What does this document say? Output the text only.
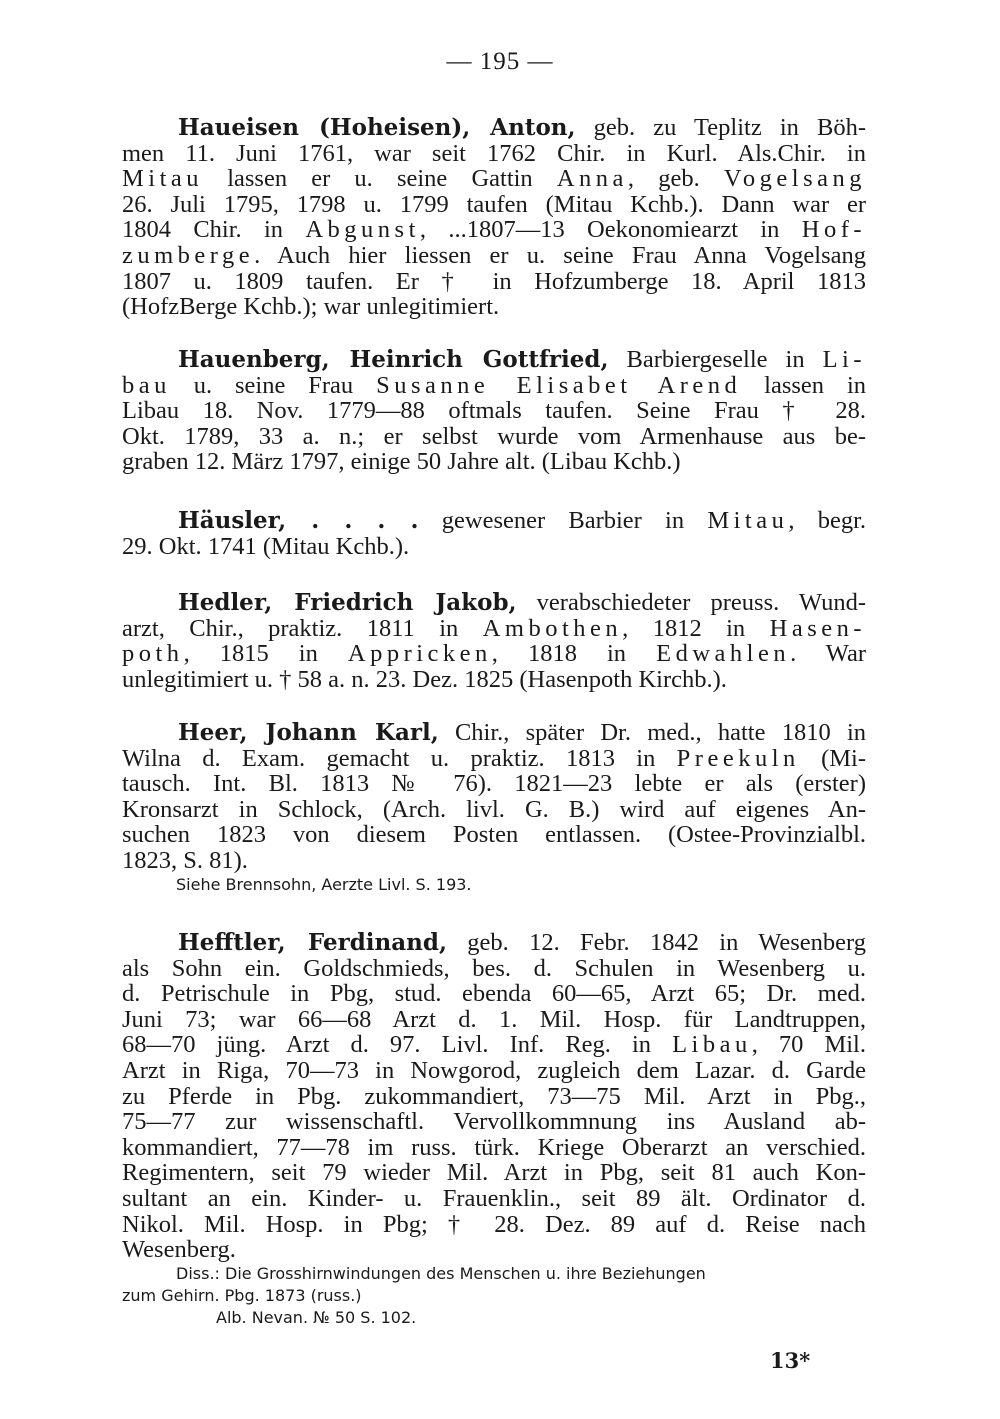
— 195 —
Haueisen (Hoheisen), Anton, geb. zu Teplitz in Böh-
men 11. Juni 1761, war seit 1762 Chir. in Kurl. Als.Chir. in
Mitau lassen er u. seine Gattin Anna, geb. Vogelsang
26. Juli 1795, 1798 u. 1799 taufen (Mitau Kchb.). Dann war er
1804 Chir. in Abgunst, ...1807—13 Oekonomiearzt in Hof-
zumberge. Auch hier liessen er u. seine Frau Anna Vogelsang
1807 u. 1809 taufen. Er † in Hofzumberge 18. April 1813
(HofzBerge Kchb.); war unlegitimiert.
Hauenberg, Heinrich Gottfried, Barbiergeselle in Li-
bau u. seine Frau Susanne Elisabet Arend lassen in
Libau 18. Nov. 1779—88 oftmals taufen. Seine Frau † 28.
Okt. 1789, 33 a. n.; er selbst wurde vom Armenhause aus be-
graben 12. März 1797, einige 50 Jahre alt. (Libau Kchb.)
Häusler, . . . . gewesener Barbier in Mitau, begr.
29. Okt. 1741 (Mitau Kchb.).
Hedler, Friedrich Jakob, verabschiedeter preuss. Wund-
arzt, Chir., praktiz. 1811 in Ambothen, 1812 in Hasen-
poth, 1815 in Appricken, 1818 in Edwahlen. War
unlegitimiert u. † 58 a. n. 23. Dez. 1825 (Hasenpoth Kirchb.).
Heer, Johann Karl, Chir., später Dr. med., hatte 1810 in
Wilna d. Exam. gemacht u. praktiz. 1813 in Preekuln (Mi-
tausch. Int. Bl. 1813 № 76). 1821—23 lebte er als (erster)
Kronsarzt in Schlock, (Arch. livl. G. B.) wird auf eigenes An-
suchen 1823 von diesem Posten entlassen. (Ostee-Provinzialbl.
1823, S. 81).
Siehe Brennsohn, Aerzte Livl. S. 193.
Hefftler, Ferdinand, geb. 12. Febr. 1842 in Wesenberg
als Sohn ein. Goldschmieds, bes. d. Schulen in Wesenberg u.
d. Petrischule in Pbg, stud. ebenda 60—65, Arzt 65; Dr. med.
Juni 73; war 66—68 Arzt d. 1. Mil. Hosp. für Landtruppen,
68—70 jüng. Arzt d. 97. Livl. Inf. Reg. in Libau, 70 Mil.
Arzt in Riga, 70—73 in Nowgorod, zugleich dem Lazar. d. Garde
zu Pferde in Pbg. zukommandiert, 73—75 Mil. Arzt in Pbg.,
75—77 zur wissenschaftl. Vervollkommnung ins Ausland ab-
kommandiert, 77—78 im russ. türk. Kriege Oberarzt an verschied.
Regimentern, seit 79 wieder Mil. Arzt in Pbg, seit 81 auch Kon-
sultant an ein. Kinder- u. Frauenklin., seit 89 ält. Ordinator d.
Nikol. Mil. Hosp. in Pbg; † 28. Dez. 89 auf d. Reise nach
Wesenberg.
Diss.: Die Grosshirnwindungen des Menschen u. ihre Beziehungen
zum Gehirn. Pbg. 1873 (russ.)
Alb. Nevan. № 50 S. 102.
13*
